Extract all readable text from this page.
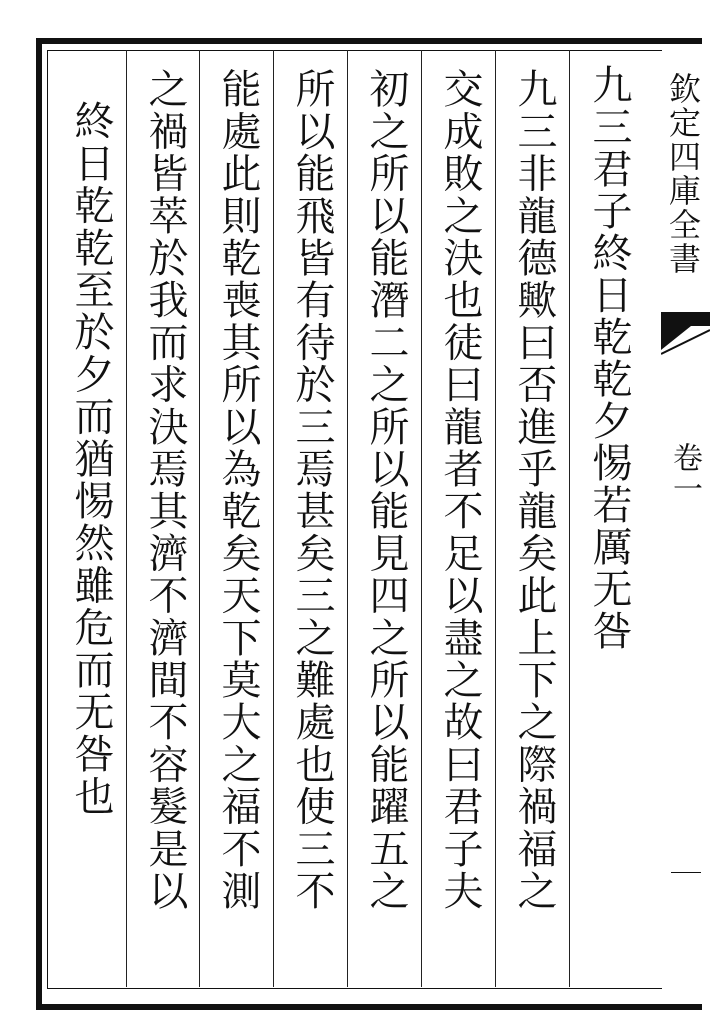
九三君子終日乾乾夕惕若厲无咎
九三非龍德歟曰否進乎龍矣此上下之際禍福之
交成敗之決也徒曰龍者不足以盡之故曰君子夫
初之所以能潛二之所以能見四之所以能躍五之
所以能飛皆有待於三焉甚矣三之難處也使三不
能處此則乾喪其所以為乾矣天下莫大之福不測
之禍皆萃於我而求決焉其濟不濟間不容髮是以
終日乾乾至於夕而猶惕然雖危而无咎也	欽定四庫全書
卷一
